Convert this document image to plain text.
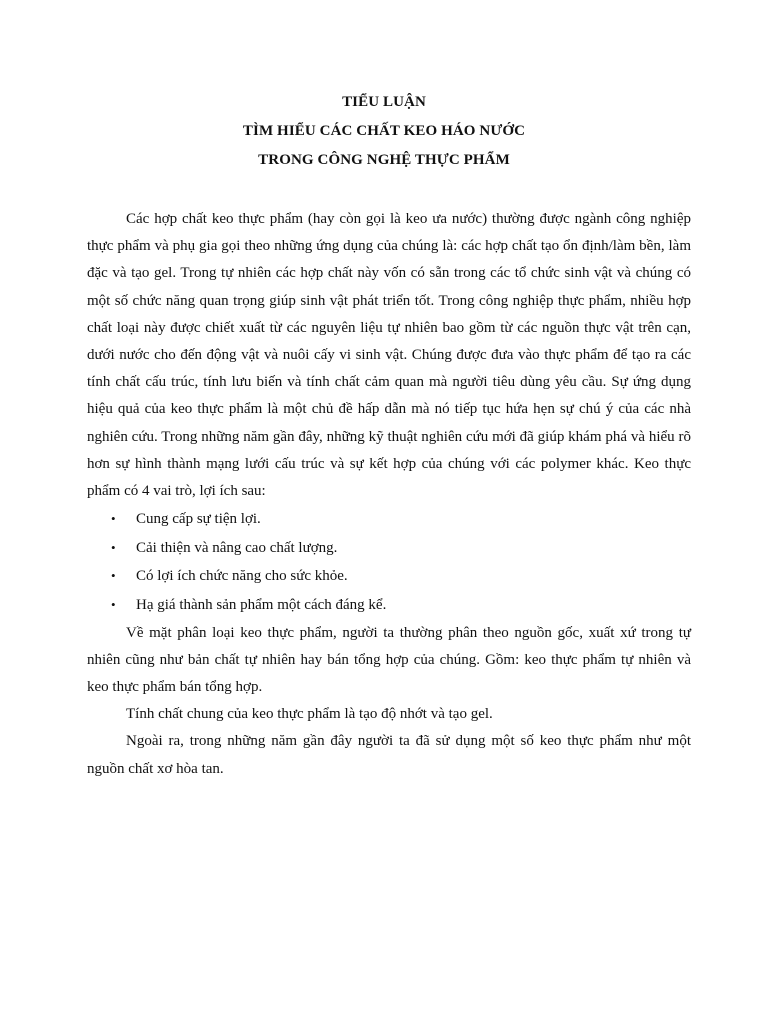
TIỂU LUẬN
TÌM HIỂU CÁC CHẤT KEO HÁO NƯỚC
TRONG CÔNG NGHỆ THỰC PHẨM

Các hợp chất keo thực phẩm (hay còn gọi là keo ưa nước) thường được ngành công nghiệp thực phẩm và phụ gia gọi theo những ứng dụng của chúng là: các hợp chất tạo ổn định/làm bền, làm đặc và tạo gel. Trong tự nhiên các hợp chất này vốn có sẵn trong các tổ chức sinh vật và chúng có một số chức năng quan trọng giúp sinh vật phát triển tốt. Trong công nghiệp thực phẩm, nhiều hợp chất loại này được chiết xuất từ các nguyên liệu tự nhiên bao gồm từ các nguồn thực vật trên cạn, dưới nước cho đến động vật và nuôi cấy vi sinh vật. Chúng được đưa vào thực phẩm để tạo ra các tính chất cấu trúc, tính lưu biến và tính chất cảm quan mà người tiêu dùng yêu cầu. Sự ứng dụng hiệu quả của keo thực phẩm là một chủ đề hấp dẫn mà nó tiếp tục hứa hẹn sự chú ý của các nhà nghiên cứu. Trong những năm gần đây, những kỹ thuật nghiên cứu mới đã giúp khám phá và hiểu rõ hơn sự hình thành mạng lưới cấu trúc và sự kết hợp của chúng với các polymer khác. Keo thực phẩm có 4 vai trò, lợi ích sau:

• Cung cấp sự tiện lợi.
• Cải thiện và nâng cao chất lượng.
• Có lợi ích chức năng cho sức khỏe.
• Hạ giá thành sản phẩm một cách đáng kể.

Về mặt phân loại keo thực phẩm, người ta thường phân theo nguồn gốc, xuất xứ trong tự nhiên cũng như bản chất tự nhiên hay bán tổng hợp của chúng. Gồm: keo thực phẩm tự nhiên và keo thực phẩm bán tổng hợp.

Tính chất chung của keo thực phẩm là tạo độ nhớt và tạo gel.

Ngoài ra, trong những năm gần đây người ta đã sử dụng một số keo thực phẩm như một nguồn chất xơ hòa tan.
